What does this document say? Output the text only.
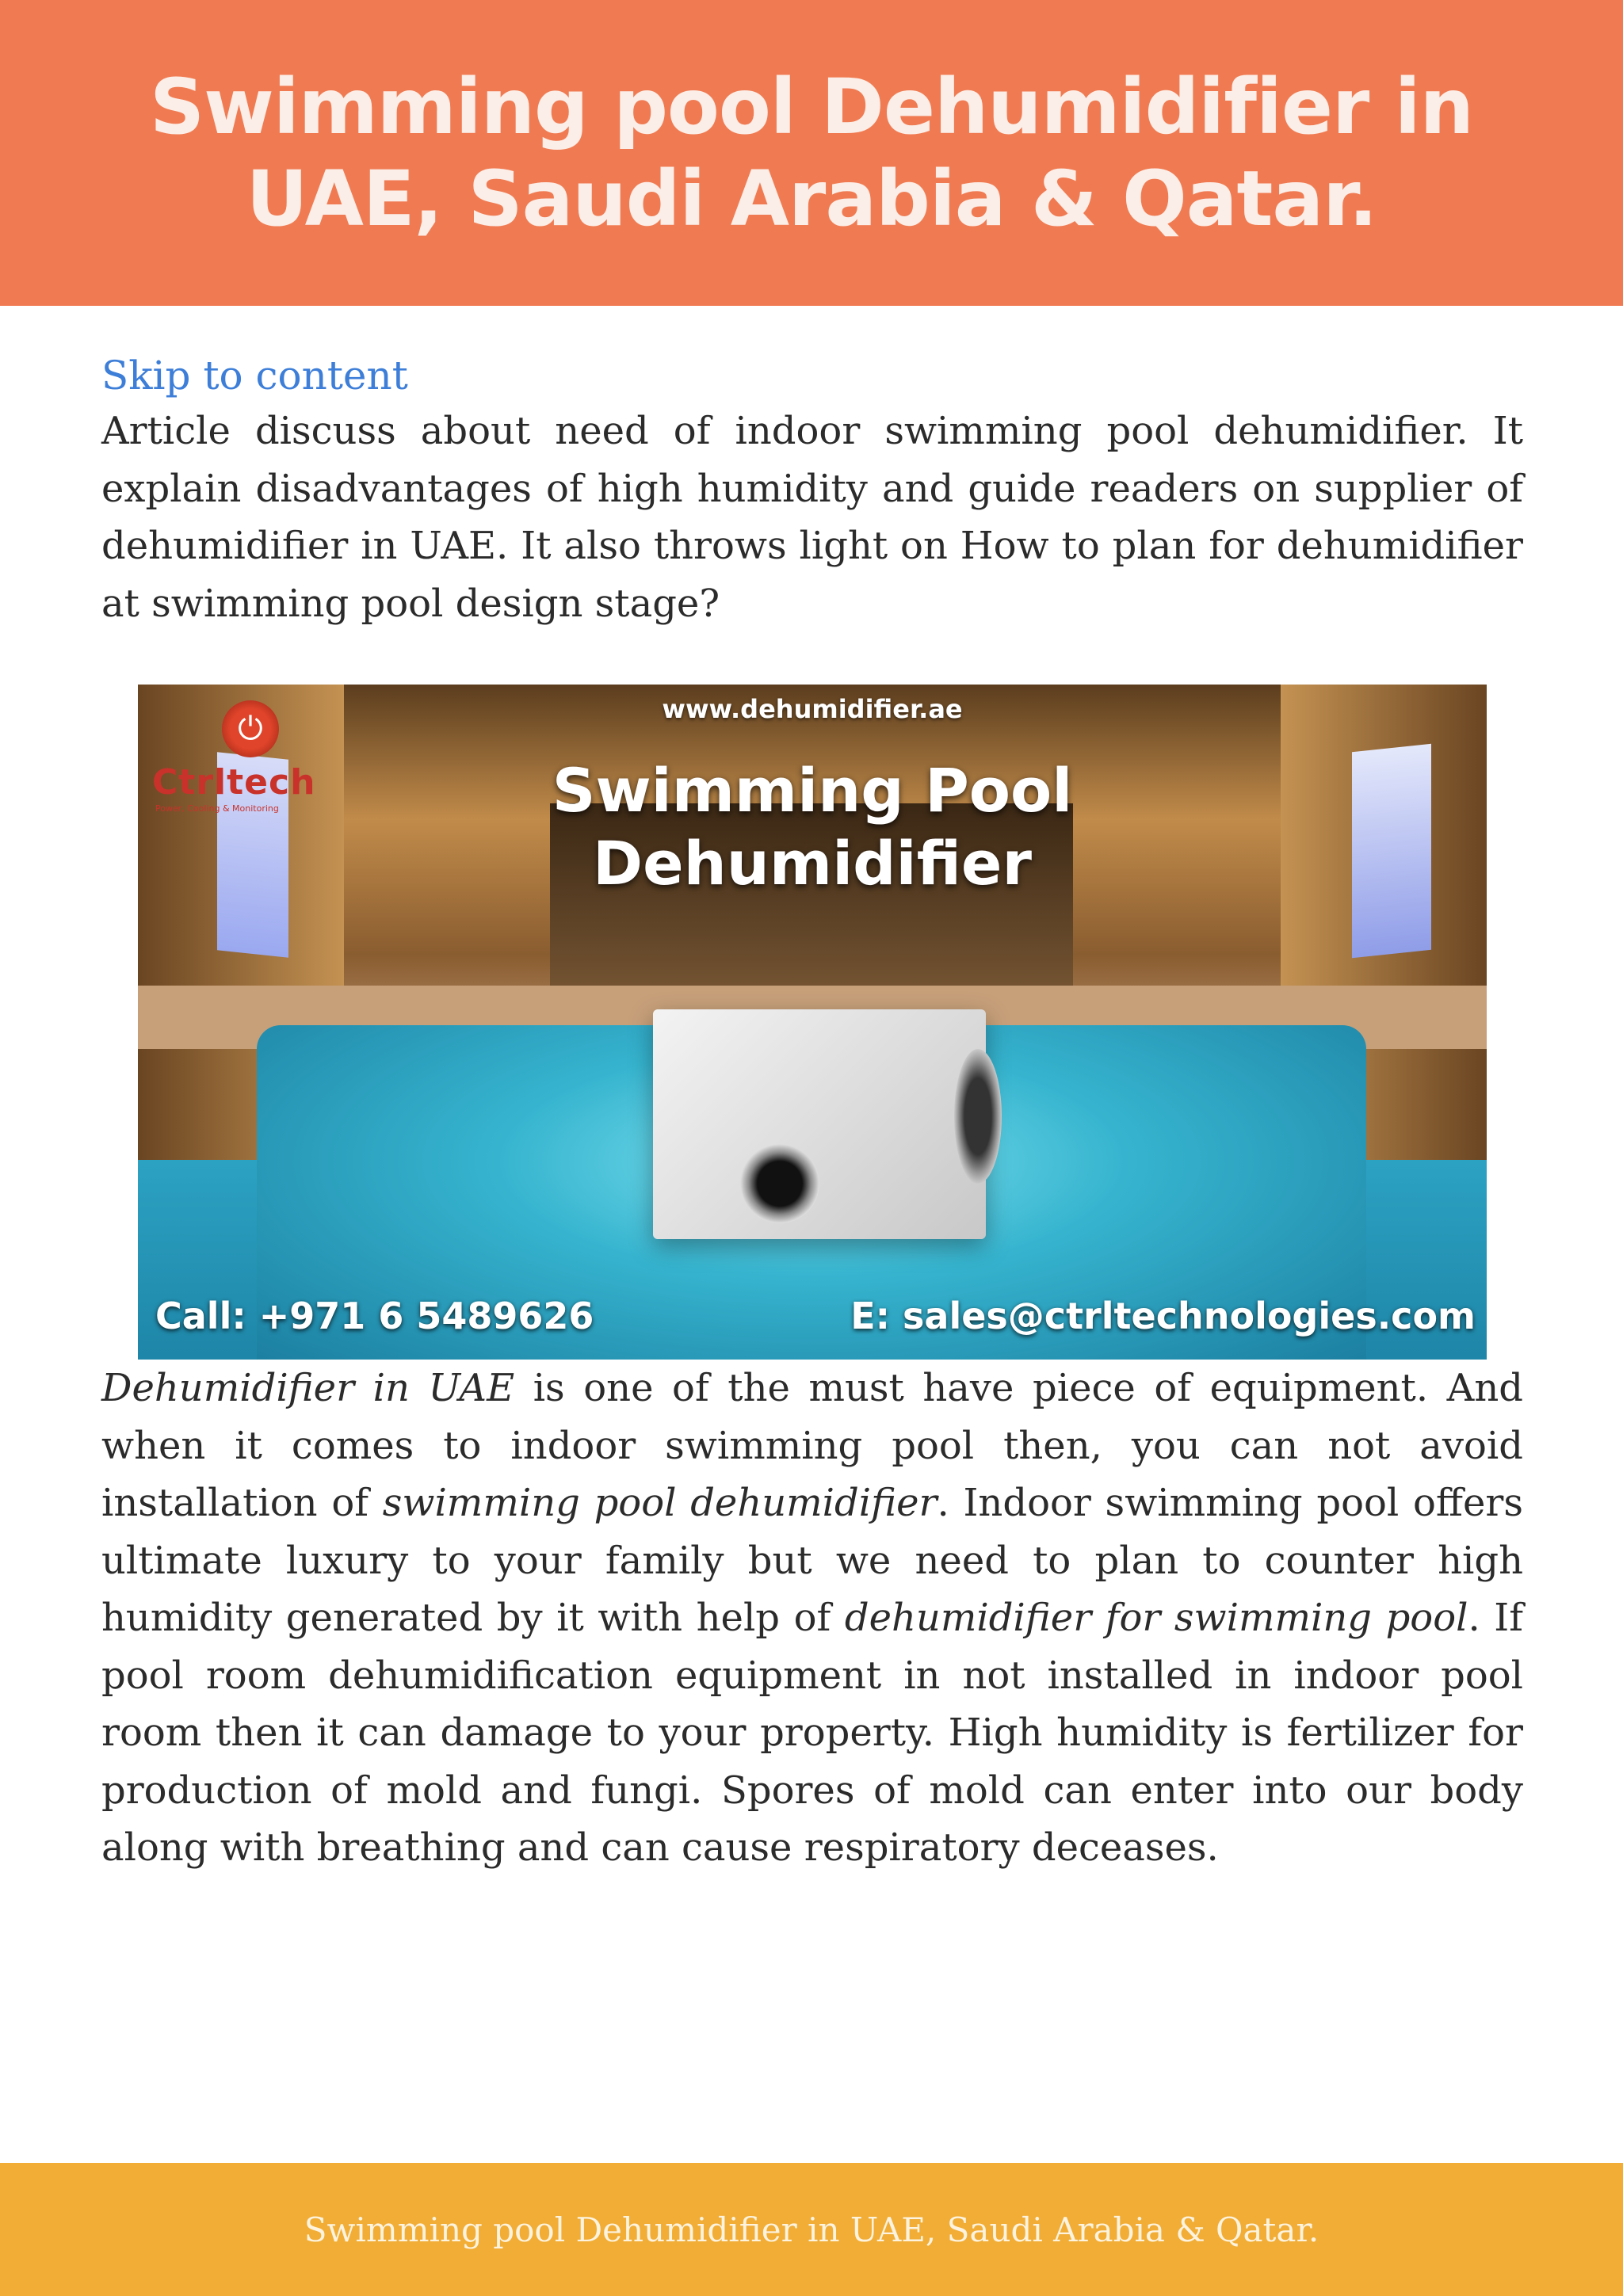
Swimming pool Dehumidifier in UAE, Saudi Arabia & Qatar.
Skip to content

Article discuss about need of indoor swimming pool dehumidifier. It explain disadvantages of high humidity and guide readers on supplier of dehumidifier in UAE. It also throws light on How to plan for dehumidifier at swimming pool design stage?

⏻
Ctrltech
Power, Cooling & Monitoring
www.dehumidifier.ae
Swimming Pool
Dehumidifier
Call: +971 6 5489626	E: sales@ctrltechnologies.com

Dehumidifier in UAE is one of the must have piece of equipment. And when it comes to indoor swimming pool then, you can not avoid installation of swimming pool dehumidifier. Indoor swimming pool offers ultimate luxury to your family but we need to plan to counter high humidity generated by it with help of dehumidifier for swimming pool. If pool room dehumidification equipment in not installed in indoor pool room then it can damage to your property. High humidity is fertilizer for production of mold and fungi. Spores of mold can enter into our body along with breathing and can cause respiratory deceases.

Swimming pool Dehumidifier in UAE, Saudi Arabia & Qatar.
